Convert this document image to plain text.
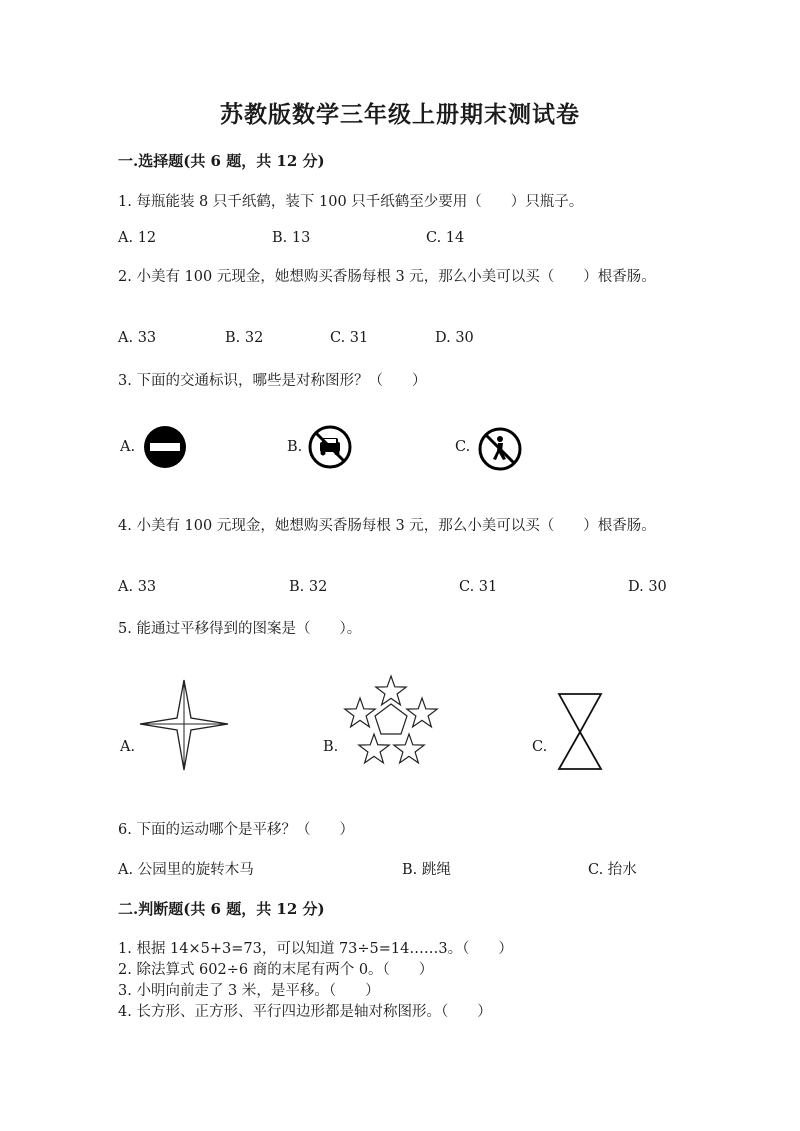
苏教版数学三年级上册期末测试卷
一.选择题(共 6 题，共 12 分)
1. 每瓶能装 8 只千纸鹤，装下 100 只千纸鹤至少要用（　　）只瓶子。
A. 12	B. 13	C. 14
2. 小美有 100 元现金，她想购买香肠每根 3 元，那么小美可以买（　　）根香肠。
A. 33	B. 32	C. 31	D. 30
3. 下面的交通标识，哪些是对称图形？（　　）
A.	B.	C.
4. 小美有 100 元现金，她想购买香肠每根 3 元，那么小美可以买（　　）根香肠。
A. 33	B. 32	C. 31	D. 30
5. 能通过平移得到的图案是（　　）。
A.	B.	C.
6. 下面的运动哪个是平移？（　　）
A. 公园里的旋转木马	B. 跳绳	C. 抬水
二.判断题(共 6 题，共 12 分)
1. 根据 14×5+3=73，可以知道 73÷5=14……3。（　　）
2. 除法算式 602÷6 商的末尾有两个 0。（　　）
3. 小明向前走了 3 米，是平移。（　　）
4. 长方形、正方形、平行四边形都是轴对称图形。（　　）
